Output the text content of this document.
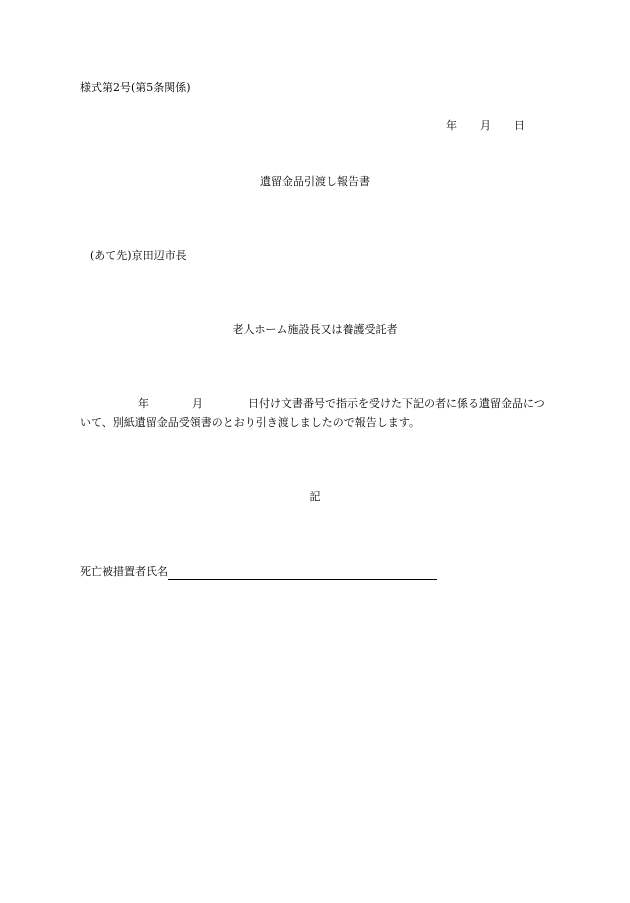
様式第2号(第5条関係)
年 月 日
遺留金品引渡し報告書
(あて先)京田辺市長
老人ホーム施設長又は養護受託者
年	月	日付け文書番号で指示を受けた下記の者に係る遺留金品につ
いて、別紙遺留金品受領書のとおり引き渡しましたので報告します。
記
死亡被措置者氏名
